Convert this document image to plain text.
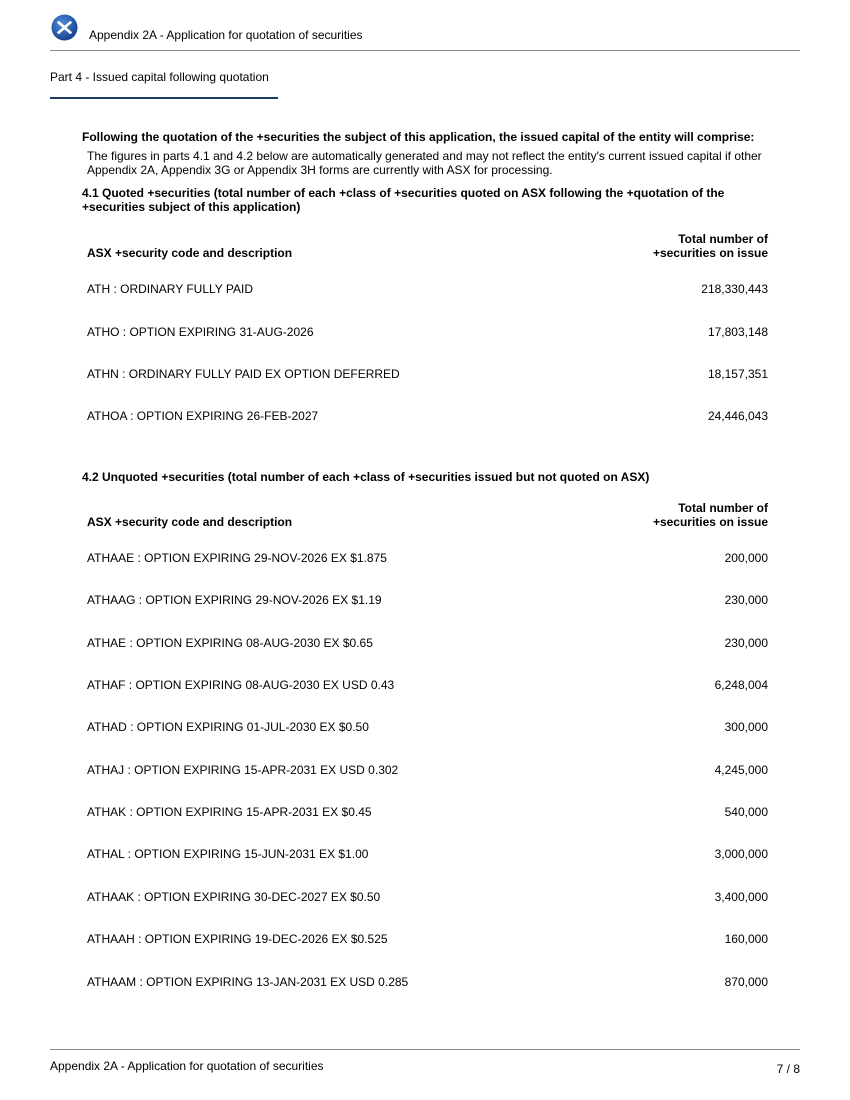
Appendix 2A - Application for quotation of securities
Part 4 - Issued capital following quotation

Following the quotation of the +securities the subject of this application, the issued capital of the entity will comprise:

The figures in parts 4.1 and 4.2 below are automatically generated and may not reflect the entity's current issued capital if other Appendix 2A, Appendix 3G or Appendix 3H forms are currently with ASX for processing.

4.1 Quoted +securities (total number of each +class of +securities quoted on ASX following the +quotation of the +securities subject of this application)

ASX +security code and description	Total number of
+securities on issue

ATH : ORDINARY FULLY PAID	218,330,443
ATHO : OPTION EXPIRING 31-AUG-2026	17,803,148
ATHN : ORDINARY FULLY PAID EX OPTION DEFERRED	18,157,351
ATHOA : OPTION EXPIRING 26-FEB-2027	24,446,043

4.2 Unquoted +securities (total number of each +class of +securities issued but not quoted on ASX)

ASX +security code and description	Total number of
+securities on issue

ATHAAE : OPTION EXPIRING 29-NOV-2026 EX $1.875	200,000
ATHAAG : OPTION EXPIRING 29-NOV-2026 EX $1.19	230,000
ATHAE : OPTION EXPIRING 08-AUG-2030 EX $0.65	230,000
ATHAF : OPTION EXPIRING 08-AUG-2030 EX USD 0.43	6,248,004
ATHAD : OPTION EXPIRING 01-JUL-2030 EX $0.50	300,000
ATHAJ : OPTION EXPIRING 15-APR-2031 EX USD 0.302	4,245,000
ATHAK : OPTION EXPIRING 15-APR-2031 EX $0.45	540,000
ATHAL : OPTION EXPIRING 15-JUN-2031 EX $1.00	3,000,000
ATHAAK : OPTION EXPIRING 30-DEC-2027 EX $0.50	3,400,000
ATHAAH : OPTION EXPIRING 19-DEC-2026 EX $0.525	160,000
ATHAAM : OPTION EXPIRING 13-JAN-2031 EX USD 0.285	870,000
Appendix 2A - Application for quotation of securities	7 / 8
